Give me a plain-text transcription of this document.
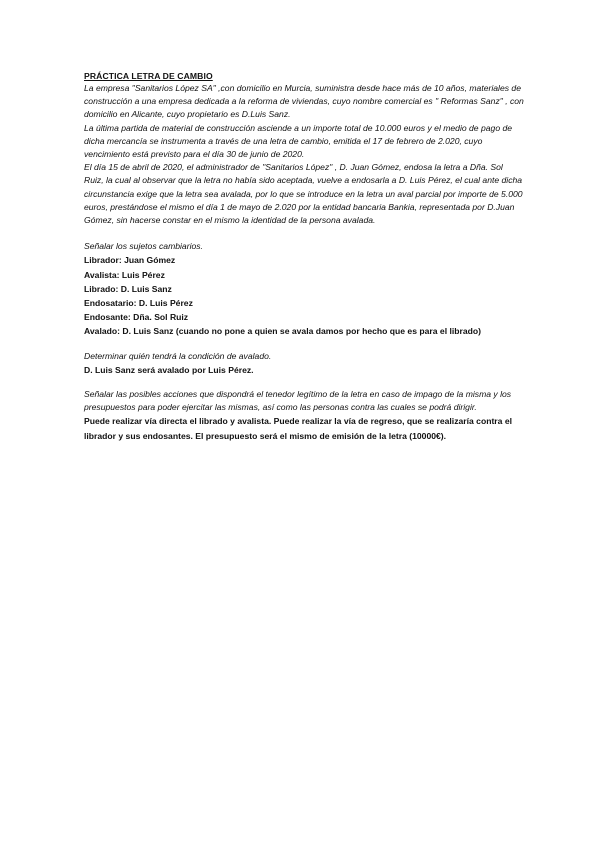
PRÁCTICA LETRA DE CAMBIO

La empresa "Sanitarios López SA" ,con domicilio en Murcia, suministra desde hace más de 10 años, materiales de construcción a una empresa dedicada a la reforma de viviendas, cuyo nombre comercial es " Reformas Sanz" , con domicilio en Alicante, cuyo propietario es D.Luis Sanz.

La última partida de material de construcción asciende a un importe total de 10.000 euros y el medio de pago de dicha mercancía se instrumenta a través de una letra de cambio, emitida el 17 de febrero de 2.020, cuyo vencimiento está previsto para el día 30 de junio de 2020.

El día 15 de abril de 2020, el administrador de "Sanitarios López" , D. Juan Gómez, endosa la letra a Dña. Sol Ruiz, la cual al observar que la letra no había sido aceptada, vuelve a endosarla a D. Luis Pérez, el cual ante dicha circunstancia exige que la letra sea avalada, por lo que se introduce en la letra un aval parcial por importe de 5.000 euros, prestándose el mismo el día 1 de mayo de 2.020 por la entidad bancaria Bankia, representada por D.Juan Gómez, sin hacerse constar en el mismo la identidad de la persona avalada.

Señalar los sujetos cambiarios.

Librador: Juan Gómez

Avalista: Luis Pérez

Librado: D. Luis Sanz

Endosatario: D. Luis Pérez

Endosante: Dña. Sol Ruiz

Avalado: D. Luis Sanz (cuando no pone a quien se avala damos por hecho que es para el librado)

Determinar quién tendrá la condición de avalado.

D. Luis Sanz será avalado por Luis Pérez.

Señalar las posibles acciones que dispondrá el tenedor legítimo de la letra en caso de impago de la misma y los presupuestos para poder ejercitar las mismas, así como las personas contra las cuales se podrá dirigir.

Puede realizar vía directa el librado y avalista. Puede realizar la vía de regreso, que se realizaría contra el

librador y sus endosantes. El presupuesto será el mismo de emisión de la letra (10000€).
